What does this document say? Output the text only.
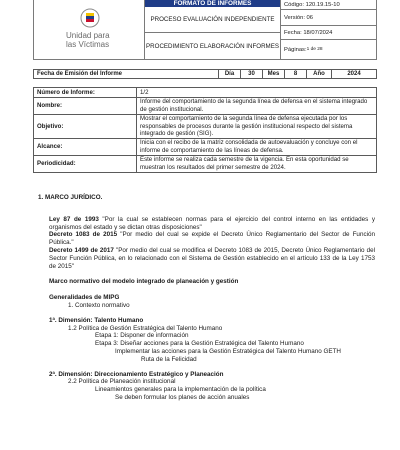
Unidad para
las Víctimas
FORMATO DE INFORMES
PROCESO EVALUACIÓN INDEPENDIENTE
PROCEDIMIENTO ELABORACIÓN INFORMES
Código: 120.19.15-10
Versión: 06
Fecha: 18/07/2024
Páginas: 1 de 28
Fecha de Emisión del Informe	Día	30	Mes	8	Año	2024
Número de Informe:	1/2
Nombre:	Informe del comportamiento de la segunda línea de defensa en el sistema integrado de gestión institucional.
Objetivo:	Mostrar el comportamiento de la segunda línea de defensa ejecutada por los responsables de procesos durante la gestión institucional respecto del sistema integrado de gestión (SIG).
Alcance:	Inicia con el recibo de la matriz consolidada de autoevaluación y concluye con el informe de comportamiento de las líneas de defensa.
Periodicidad:	Este informe se realiza cada semestre de la vigencia. En esta oportunidad se muestran los resultados del primer semestre de 2024.
1. MARCO JURÍDICO.

Ley 87 de 1993 "Por la cual se establecen normas para el ejercicio del control interno en las entidades y organismos del estado y se dictan otras disposiciones"

Decreto 1083 de 2015 "Por medio del cual se expide el Decreto Único Reglamentario del Sector de Función Pública."

Decreto 1499 de 2017 "Por medio del cual se modifica el Decreto 1083 de 2015, Decreto Único Reglamentario del Sector Función Pública, en lo relacionado con el Sistema de Gestión establecido en el artículo 133 de la Ley 1753 de 2015"

Marco normativo del modelo integrado de planeación y gestión
Generalidades de MIPG
1. Contexto normativo
1ª. Dimensión: Talento Humano
1.2 Política de Gestión Estratégica del Talento Humano
Etapa 1: Disponer de información
Etapa 3: Diseñar acciones para la Gestión Estratégica del Talento Humano
Implementar las acciones para la Gestión Estratégica del Talento Humano GETH
Ruta de la Felicidad
2ª. Dimensión: Direccionamiento Estratégico y Planeación
2.2 Política de Planeación institucional
Lineamientos generales para la implementación de la política
Se deben formular los planes de acción anuales
